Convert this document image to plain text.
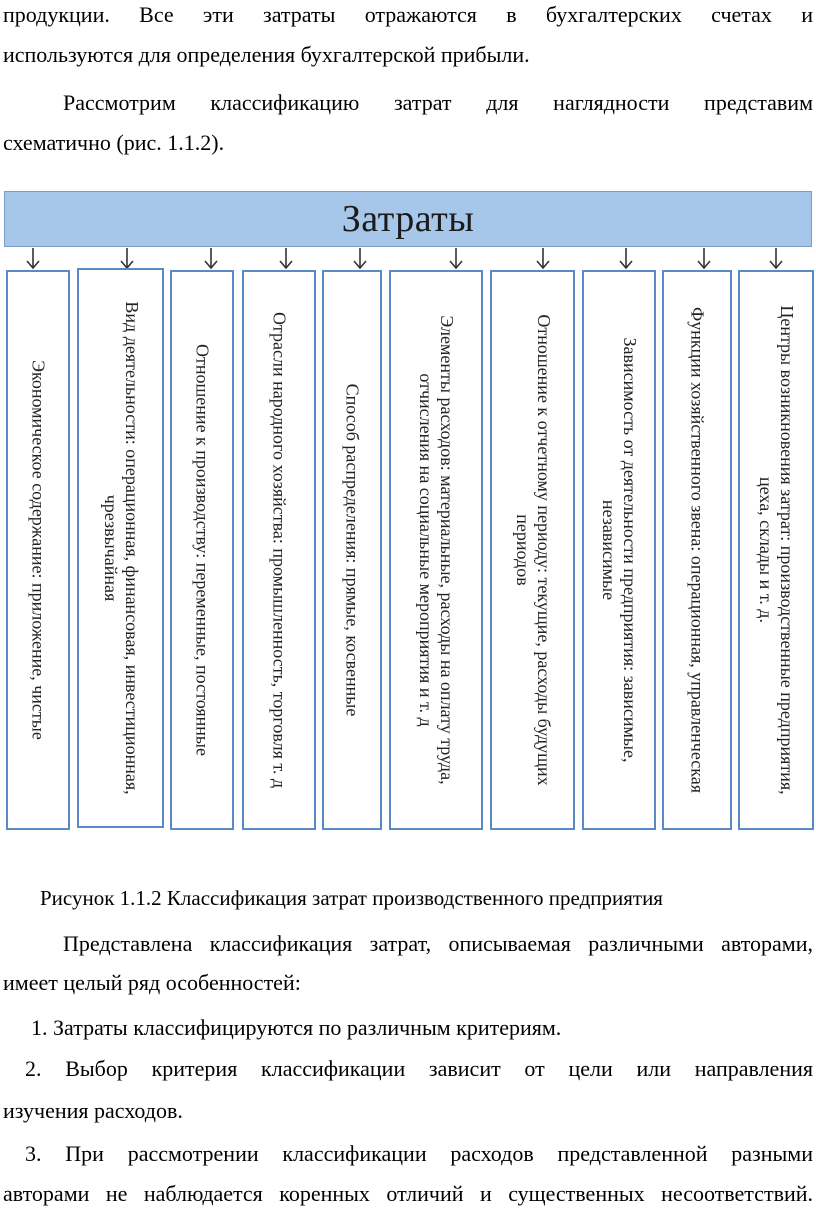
продукции. Все эти затраты отражаются в бухгалтерских счетах и

используются для определения бухгалтерской прибыли.

Рассмотрим классификацию затрат для наглядности представим

схематично (рис. 1.1.2).

Затраты
Экономическое содержание: приложение, чистые	Вид деятельности: операционная, финансовая, инвестиционная, чрезвычайная	Отношение к производству: переменные, постоянные	Отрасли народного хозяйства: промышленность, торговля т. д	Способ распределения: прямые, косвенные	Элементы расходов: материальные, расходы на оплату труда, отчисления на социальные мероприятия и т. д	Отношение к отчетному периоду: текущие, расходы будущих периодов	Зависимость от деятельности предприятия: зависимые, независимые	Функции хозяйственного звена: операционная, управленческая	Центры возникновения затрат: производственные предприятия, цеха, склады и т. д.

Рисунок 1.1.2 Классификация затрат производственного предприятия

Представлена классификация затрат, описываемая различными авторами,

имеет целый ряд особенностей:

1. Затраты классифицируются по различным критериям.

2. Выбор критерия классификации зависит от цели или направления

изучения расходов.

3. При рассмотрении классификации расходов представленной разными

авторами не наблюдается коренных отличий и существенных несоответствий.
